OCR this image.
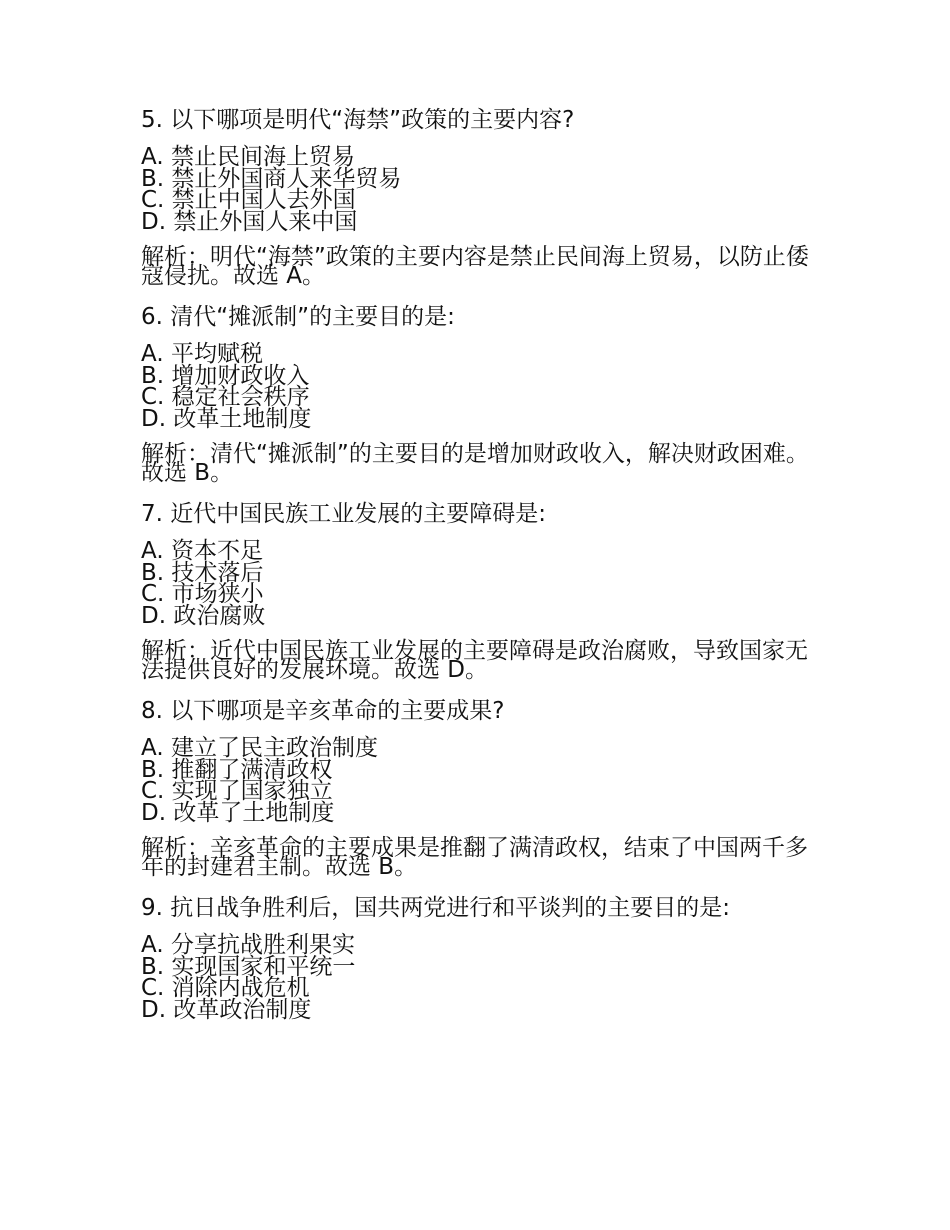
5. 以下哪项是明代“海禁”政策的主要内容?

A. 禁止民间海上贸易
B. 禁止外国商人来华贸易
C. 禁止中国人去外国
D. 禁止外国人来中国

解析：明代“海禁”政策的主要内容是禁止民间海上贸易，以防止倭寇侵扰。故选 A。

6. 清代“摊派制”的主要目的是:

A. 平均赋税
B. 增加财政收入
C. 稳定社会秩序
D. 改革土地制度

解析：清代“摊派制”的主要目的是增加财政收入，解决财政困难。故选 B。

7. 近代中国民族工业发展的主要障碍是:

A. 资本不足
B. 技术落后
C. 市场狭小
D. 政治腐败

解析：近代中国民族工业发展的主要障碍是政治腐败，导致国家无法提供良好的发展环境。故选 D。

8. 以下哪项是辛亥革命的主要成果?

A. 建立了民主政治制度
B. 推翻了满清政权
C. 实现了国家独立
D. 改革了土地制度

解析：辛亥革命的主要成果是推翻了满清政权，结束了中国两千多年的封建君主制。故选 B。

9. 抗日战争胜利后，国共两党进行和平谈判的主要目的是:

A. 分享抗战胜利果实
B. 实现国家和平统一
C. 消除内战危机
D. 改革政治制度
